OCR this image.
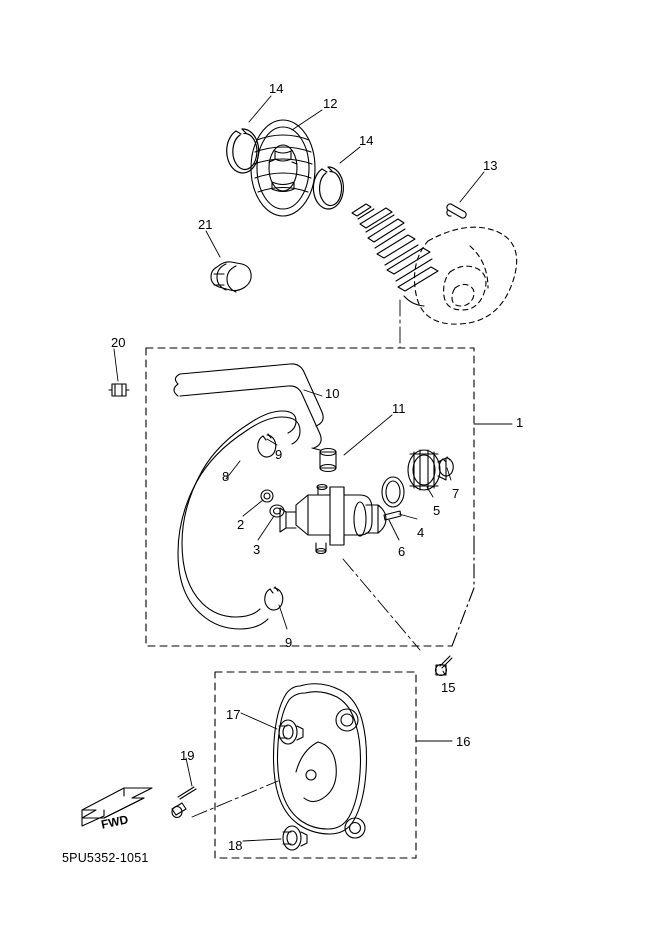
14
12
14
13
21
20
10
11
1
9
8
7
5
2
3
4
6
9
15
17
16
19
18
FWD
5PU5352-1051
